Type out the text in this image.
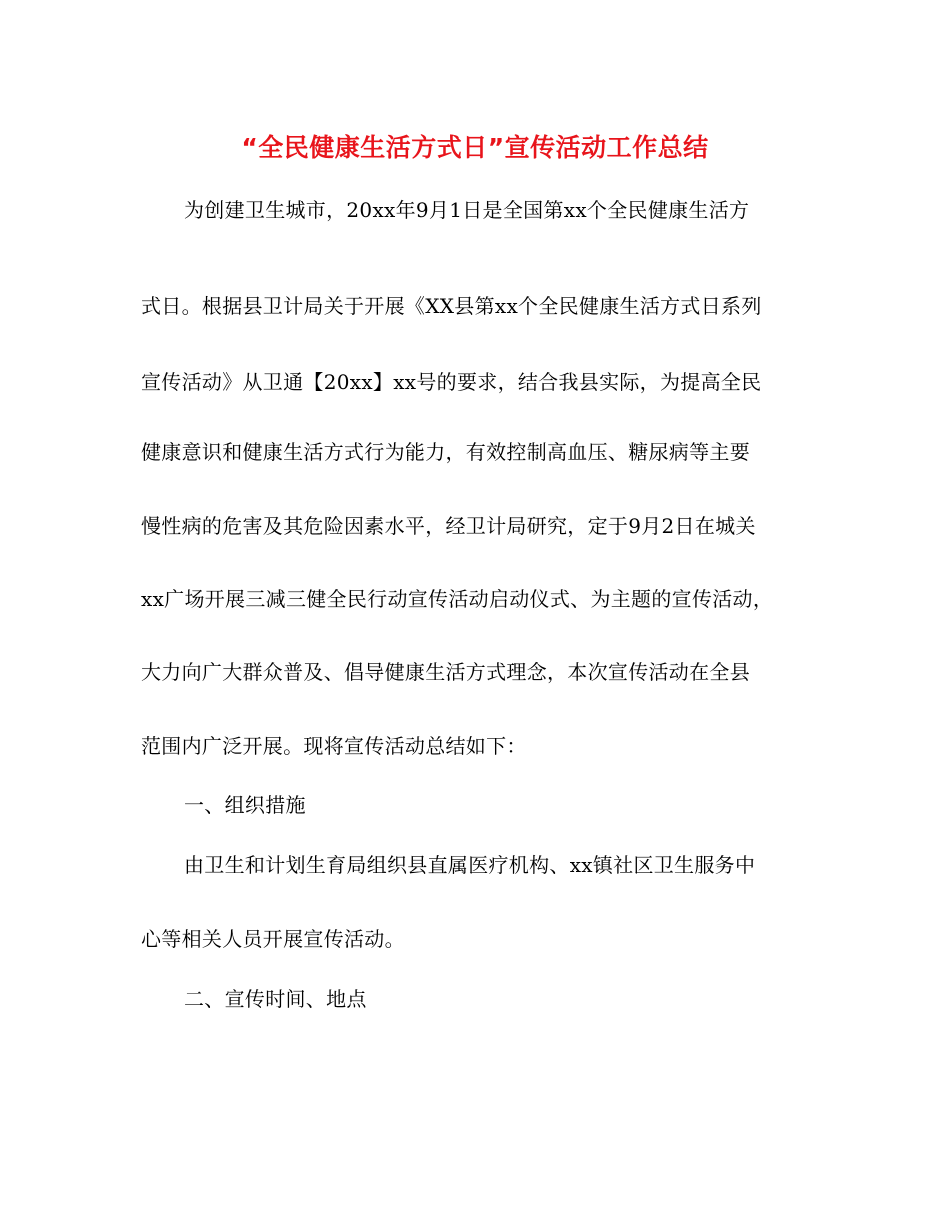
“全民健康生活方式日”宣传活动工作总结
为创建卫生城市，20xx年9月1日是全国第xx个全民健康生活方
式日。根据县卫计局关于开展《XX县第xx个全民健康生活方式日系列
宣传活动》从卫通【20xx】xx号的要求，结合我县实际，为提高全民
健康意识和健康生活方式行为能力，有效控制高血压、糖尿病等主要
慢性病的危害及其危险因素水平，经卫计局研究，定于9月2日在城关
xx广场开展三减三健全民行动宣传活动启动仪式、为主题的宣传活动，
大力向广大群众普及、倡导健康生活方式理念，本次宣传活动在全县
范围内广泛开展。现将宣传活动总结如下：
一、组织措施
由卫生和计划生育局组织县直属医疗机构、xx镇社区卫生服务中
心等相关人员开展宣传活动。
二、宣传时间、地点
